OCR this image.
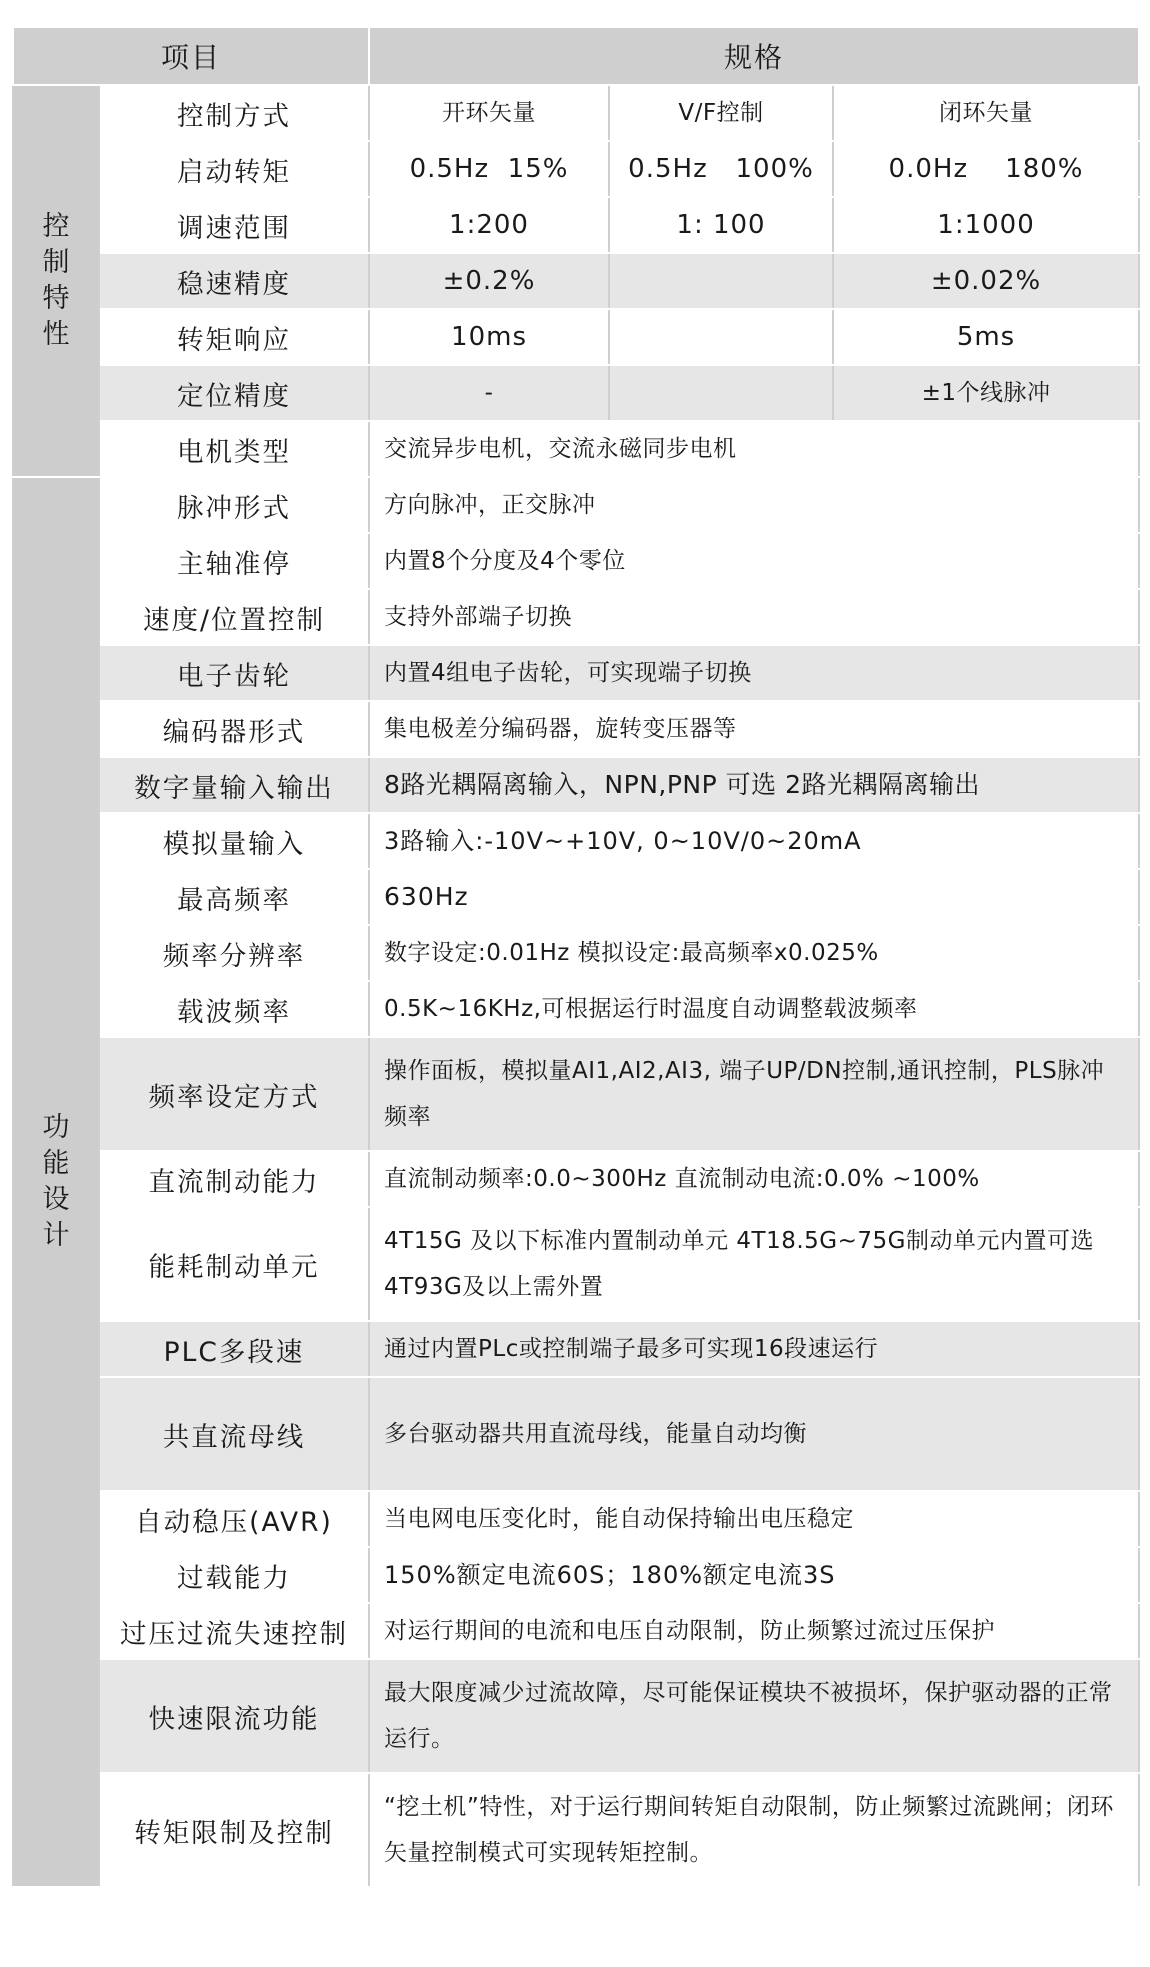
项目		规格		
控制特性	控制方式	开环矢量	V/F控制	闭环矢量
	启动转矩	0.5Hz  15%	0.5Hz   100%	0.0Hz    180%
	调速范围	1:200	1: 100	1:1000
	稳速精度	±0.2%		±0.02%
	转矩响应	10ms		5ms
	定位精度	-		±1个线脉冲
	电机类型	交流异步电机，交流永磁同步电机		
功能设计	脉冲形式	方向脉冲，正交脉冲		
	主轴准停	内置8个分度及4个零位		
	速度/位置控制	支持外部端子切换		
	电子齿轮	内置4组电子齿轮，可实现端子切换		
	编码器形式	集电极差分编码器，旋转变压器等		
	数字量输入输出	8路光耦隔离输入，NPN,PNP 可选 2路光耦隔离输出		
	模拟量输入	3路输入:-10V~+10V, 0~10V/0~20mA		
	最高频率	630Hz		
	频率分辨率	数字设定:0.01Hz 模拟设定:最高频率x0.025%		
	载波频率	0.5K~16KHz,可根据运行时温度自动调整载波频率		
	频率设定方式	操作面板，模拟量AI1,AI2,AI3, 端子UP/DN控制,通讯控制，PLS脉冲频率		
	直流制动能力	直流制动频率:0.0~300Hz 直流制动电流:0.0% ~100%		
	能耗制动单元	4T15G 及以下标准内置制动单元 4T18.5G~75G制动单元内置可选4T93G及以上需外置		
	PLC多段速	通过内置PLc或控制端子最多可实现16段速运行		
	共直流母线	多台驱动器共用直流母线，能量自动均衡		
	自动稳压(AVR)	当电网电压变化时，能自动保持输出电压稳定		
	过载能力	150%额定电流60S；180%额定电流3S		
	过压过流失速控制	对运行期间的电流和电压自动限制，防止频繁过流过压保护		
	快速限流功能	最大限度减少过流故障，尽可能保证模块不被损坏，保护驱动器的正常运行。		
	转矩限制及控制	“挖土机”特性，对于运行期间转矩自动限制，防止频繁过流跳闸；闭环矢量控制模式可实现转矩控制。		
